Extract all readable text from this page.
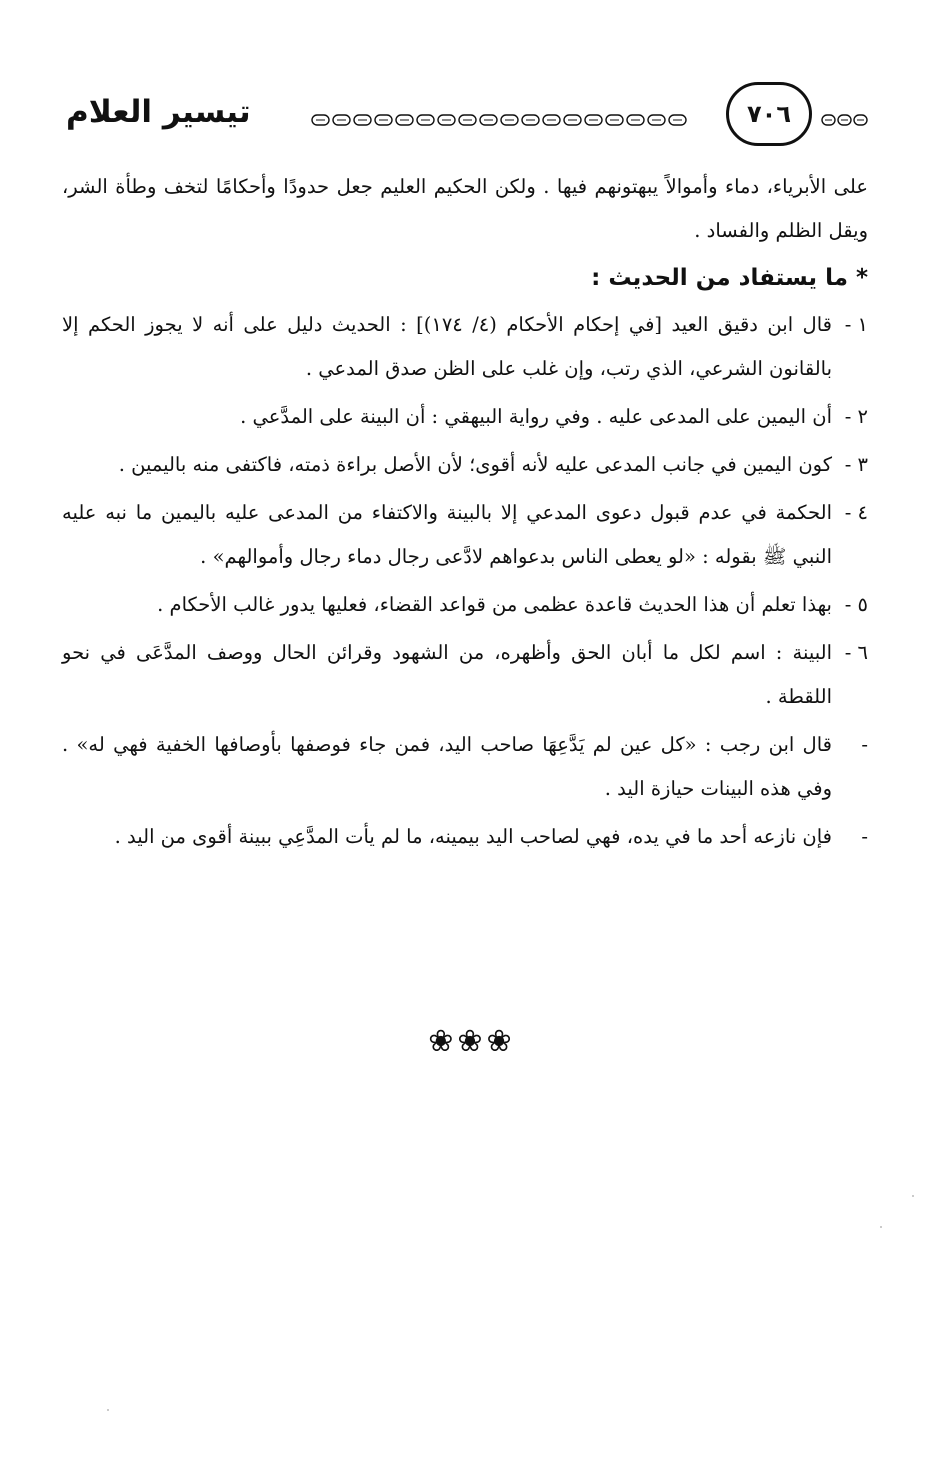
تيسير العلام	٧٠٦

على الأبرياء، دماء وأموالاً يبهتونهم فيها . ولكن الحكيم العليم جعل حدودًا وأحكامًا لتخف وطأة الشر، ويقل الظلم والفساد .

* ما يستفاد من الحديث :

١ -
قال ابن دقيق العيد [في إحكام الأحكام (٤/ ١٧٤)] : الحديث دليل على أنه لا يجوز الحكم إلا بالقانون الشرعي، الذي رتب، وإن غلب على الظن صدق المدعي .
٢ -
أن اليمين على المدعى عليه . وفي رواية البيهقي : أن البينة على المدَّعي .
٣ -
كون اليمين في جانب المدعى عليه لأنه أقوى؛ لأن الأصل براءة ذمته، فاكتفى منه باليمين .
٤ -
الحكمة في عدم قبول دعوى المدعي إلا بالبينة والاكتفاء من المدعى عليه باليمين ما نبه عليه النبي ﷺ بقوله : «لو يعطى الناس بدعواهم لادَّعى رجال دماء رجال وأموالهم» .
٥ -
بهذا تعلم أن هذا الحديث قاعدة عظمى من قواعد القضاء، فعليها يدور غالب الأحكام .
٦ -
البينة : اسم لكل ما أبان الحق وأظهره، من الشهود وقرائن الحال ووصف المدَّعَى في نحو اللقطة .
-
قال ابن رجب : «كل عين لم يَدَّعِهَا صاحب اليد، فمن جاء فوصفها بأوصافها الخفية فهي له» . وفي هذه البينات حيازة اليد .
-
فإن نازعه أحد ما في يده، فهي لصاحب اليد بيمينه، ما لم يأت المدَّعِي ببينة أقوى من اليد .
❀❀❀
